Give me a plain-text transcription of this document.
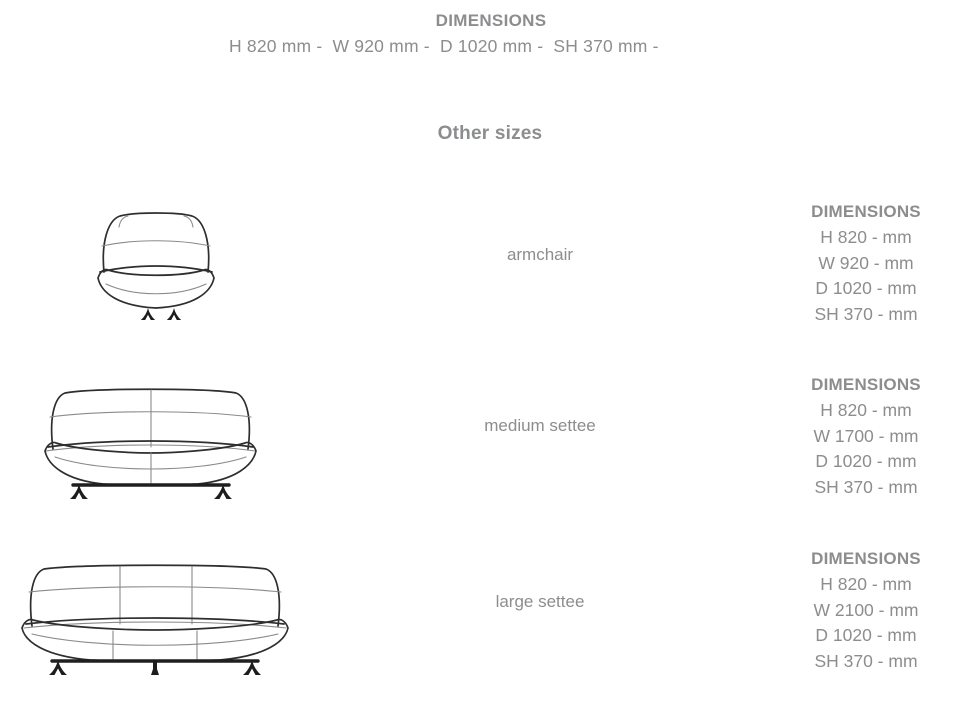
DIMENSIONS
H 820 mm -  W 920 mm -  D 1020 mm -  SH 370 mm -
Other sizes
armchair
DIMENSIONS
H 820 - mm
W 920 - mm
D 1020 - mm
SH 370 - mm
medium settee
DIMENSIONS
H 820 - mm
W 1700 - mm
D 1020 - mm
SH 370 - mm
large settee
DIMENSIONS
H 820 - mm
W 2100 - mm
D 1020 - mm
SH 370 - mm
